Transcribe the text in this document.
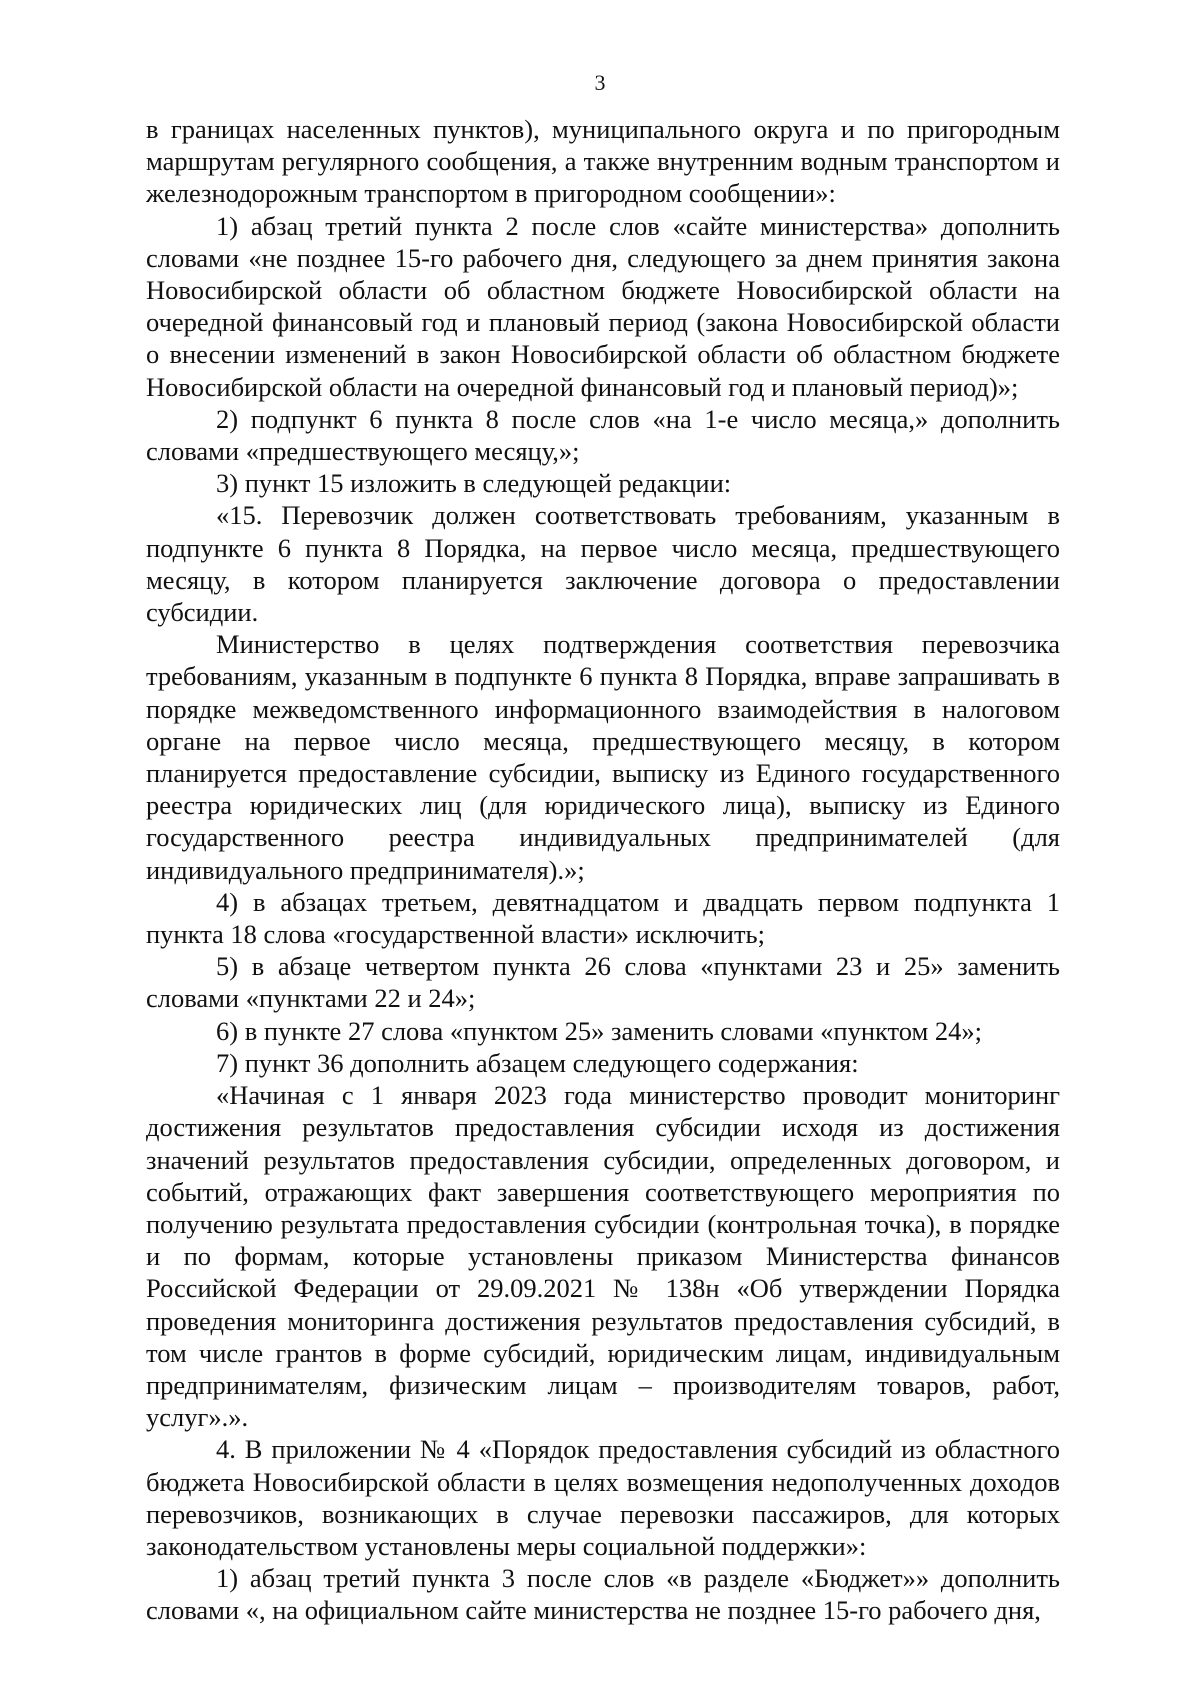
3

в границах населенных пунктов), муниципального округа и по пригородным маршрутам регулярного сообщения, а также внутренним водным транспортом и железнодорожным транспортом в пригородном сообщении»:

1) абзац третий пункта 2 после слов «сайте министерства» дополнить словами «не позднее 15-го рабочего дня, следующего за днем принятия закона Новосибирской области об областном бюджете Новосибирской области на очередной финансовый год и плановый период (закона Новосибирской области о внесении изменений в закон Новосибирской области об областном бюджете Новосибирской области на очередной финансовый год и плановый период)»;

2) подпункт 6 пункта 8 после слов «на 1-е число месяца,» дополнить словами «предшествующего месяцу,»;

3) пункт 15 изложить в следующей редакции:

«15. Перевозчик должен соответствовать требованиям, указанным в подпункте 6 пункта 8 Порядка, на первое число месяца, предшествующего месяцу, в котором планируется заключение договора о предоставлении субсидии.

Министерство в целях подтверждения соответствия перевозчика требованиям, указанным в подпункте 6 пункта 8 Порядка, вправе запрашивать в порядке межведомственного информационного взаимодействия в налоговом органе на первое число месяца, предшествующего месяцу, в котором планируется предоставление субсидии, выписку из Единого государственного реестра юридических лиц (для юридического лица), выписку из Единого государственного реестра индивидуальных предпринимателей (для индивидуального предпринимателя).»;

4) в абзацах третьем, девятнадцатом и двадцать первом подпункта 1 пункта 18 слова «государственной власти» исключить;

5) в абзаце четвертом пункта 26 слова «пунктами 23 и 25» заменить словами «пунктами 22 и 24»;

6) в пункте 27 слова «пунктом 25» заменить словами «пунктом 24»;

7) пункт 36 дополнить абзацем следующего содержания:

«Начиная с 1 января 2023 года министерство проводит мониторинг достижения результатов предоставления субсидии исходя из достижения значений результатов предоставления субсидии, определенных договором, и событий, отражающих факт завершения соответствующего мероприятия по получению результата предоставления субсидии (контрольная точка), в порядке и по формам, которые установлены приказом Министерства финансов Российской Федерации от 29.09.2021 № 138н «Об утверждении Порядка проведения мониторинга достижения результатов предоставления субсидий, в том числе грантов в форме субсидий, юридическим лицам, индивидуальным предпринимателям, физическим лицам – производителям товаров, работ, услуг».».

4. В приложении № 4 «Порядок предоставления субсидий из областного бюджета Новосибирской области в целях возмещения недополученных доходов перевозчиков, возникающих в случае перевозки пассажиров, для которых законодательством установлены меры социальной поддержки»:

1) абзац третий пункта 3 после слов «в разделе «Бюджет»» дополнить словами «, на официальном сайте министерства не позднее 15-го рабочего дня,
